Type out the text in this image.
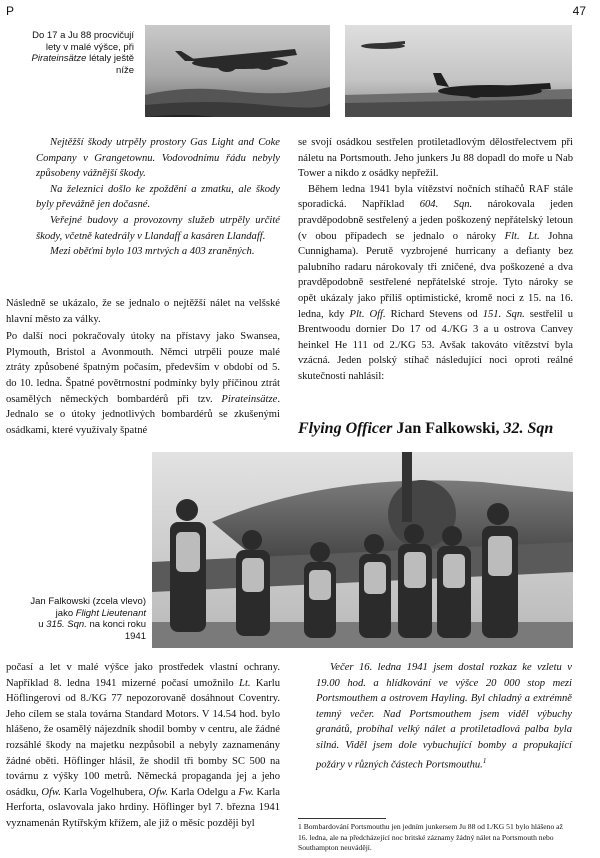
P	47
Do 17 a Ju 88 procvičují
lety v malé výšce, při
Pirateinsätze létaly ještě
níže

Nejtěžší škody utrpěly prostory Gas Light and Coke Company v Grangetownu. Vodovodnímu řádu nebyly způsobeny vážnější škody.

Na železnici došlo ke zpoždění a zmatku, ale škody byly převážně jen dočasné.

Veřejné budovy a provozovny služeb utrpěly určité škody, včetně katedrály v Llandaff a kasáren Llandaff.

Mezi oběťmi bylo 103 mrtvých a 403 zraněných.

Následně se ukázalo, že se jednalo o nejtěžší nálet na velšské hlavní město za války.

Po další noci pokračovaly útoky na přístavy jako Swansea, Plymouth, Bristol a Avonmouth. Němci utrpěli pouze malé ztráty způsobené špatným počasím, především v období od 5. do 10. ledna. Špatné povětrnostní podmínky byly příčinou ztrát osamělých německých bombardérů při tzv. Pirateinsätze. Jednalo se o útoky jednotlivých bombardérů se zkušenými osádkami, které využívaly špatné

se svojí osádkou sestřelen protiletadlovým dělostřelectvem při náletu na Portsmouth. Jeho junkers Ju 88 dopadl do moře u Nab Tower a nikdo z osádky nepřežil.

Během ledna 1941 byla vítězství nočních stíhačů RAF stále sporadická. Například 604. Sqn. nárokovala jeden pravděpodobně sestřelený a jeden poškozený nepřátelský letoun (v obou případech se jednalo o nároky Flt. Lt. Johna Cunnighama). Perutě vyzbrojené hurricany a defianty bez palubního radaru nárokovaly tři zničené, dva poškozené a dva pravděpodobně sestřelené nepřátelské stroje. Tyto nároky se opět ukázaly jako příliš optimistické, kromě noci z 15. na 16. ledna, kdy Plt. Off. Richard Stevens od 151. Sqn. sestřelil u Brentwoodu dornier Do 17 od 4./KG 3 a u ostrova Canvey heinkel He 111 od 2./KG 53. Avšak takováto vítězství byla vzácná. Jeden polský stíhač následující noci oproti reálné skutečnosti nahlásil:

Flying Officer Jan Falkowski, 32. Sqn
Jan Falkowski (zcela vlevo)
jako Flight Lieutenant
u 315. Sqn. na konci roku
1941

počasí a let v malé výšce jako prostředek vlastní ochrany. Například 8. ledna 1941 mizerné počasí umožnilo Lt. Karlu Höflingerovi od 8./KG 77 nepozorovaně dosáhnout Coventry. Jeho cílem se stala továrna Standard Motors. V 14.54 hod. bylo hlášeno, že osamělý nájezdník shodil bomby v centru, ale žádné rozsáhlé škody na majetku nezpůsobil a nebyly zaznamenány žádné oběti. Höflinger hlásil, že shodil tři bomby SC 500 na továrnu z výšky 100 metrů. Německá propaganda jej a jeho osádku, Ofw. Karla Vogelhubera, Ofw. Karla Odelgu a Fw. Karla Herforta, oslavovala jako hrdiny. Höflinger byl 7. března 1941 vyznamenán Rytířským křížem, ale již o měsíc později byl

Večer 16. ledna 1941 jsem dostal rozkaz ke vzletu v 19.00 hod. a hlídkování ve výšce 20 000 stop mezi Portsmouthem a ostrovem Hayling. Byl chladný a extrémně temný večer. Nad Portsmouthem jsem viděl výbuchy granátů, probíhal velký nálet a protiletadlová palba byla silná. Viděl jsem dole vybuchující bomby a propukající požáry v různých částech Portsmouthu.$^1$

1 Bombardování Portsmouthu jen jedním junkersem Ju 88 od I./KG 51 bylo hlášeno až 16. ledna, ale na předcházející noc britské záznamy žádný nálet na Portsmouth nebo Southampton neuvádějí.
